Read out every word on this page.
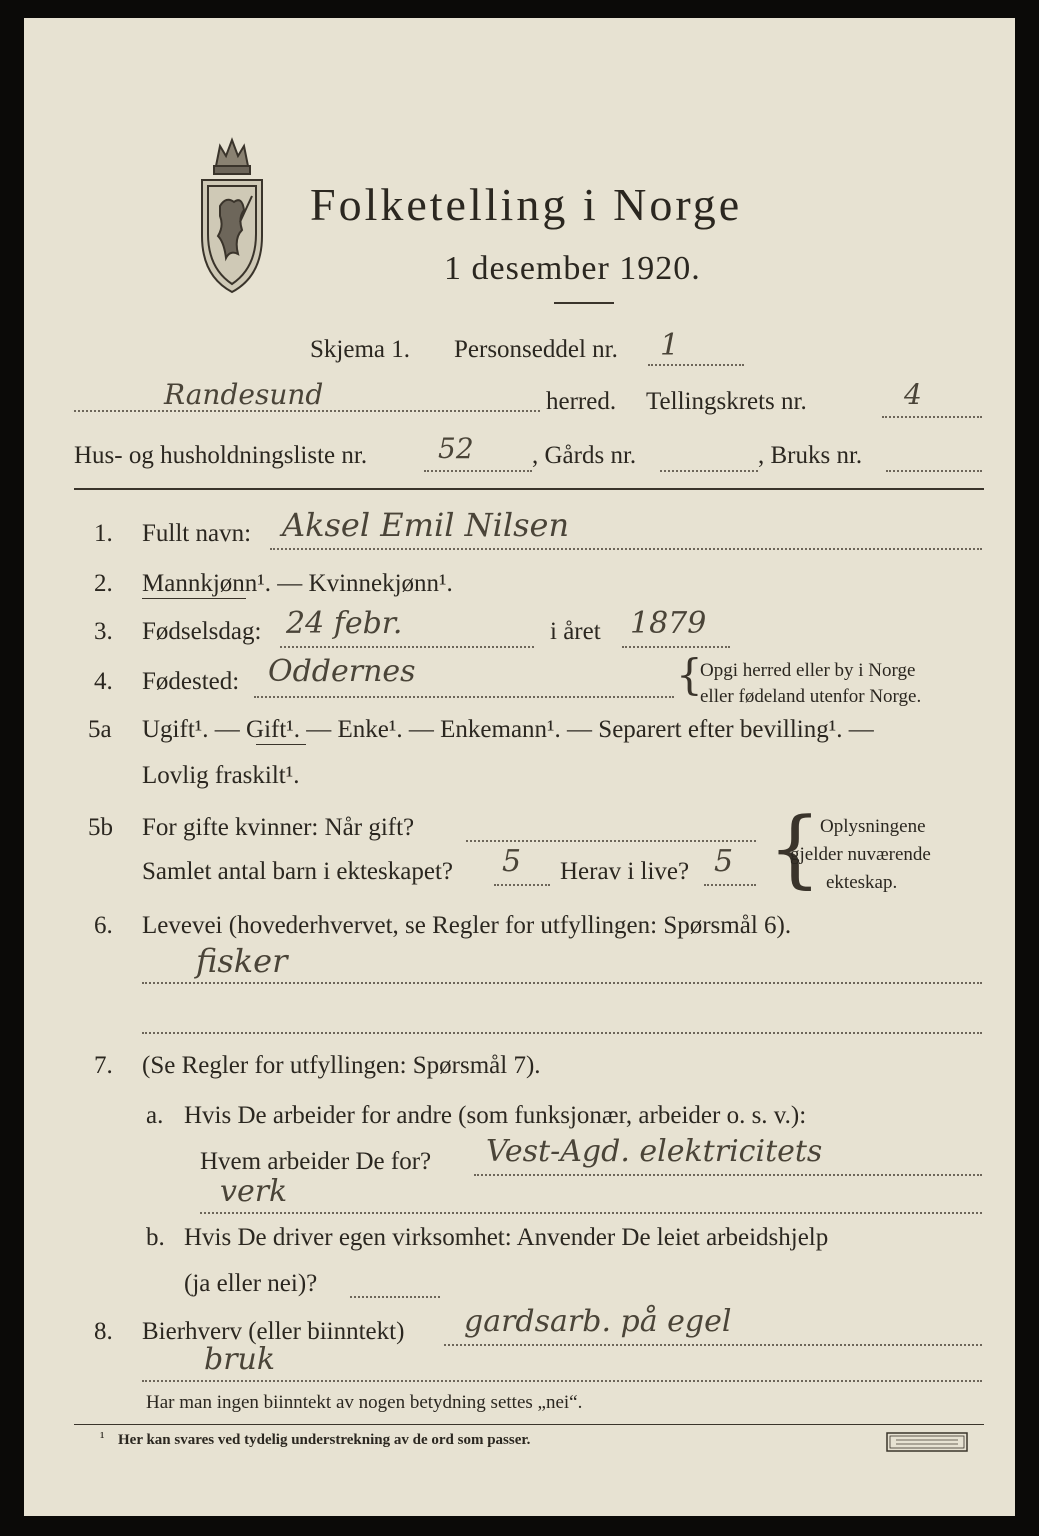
Folketelling i Norge
1 desember 1920.
Skjema 1. Personseddel nr. 1
Randesund	herred. Tellingskrets nr.	4
Hus- og husholdningsliste nr.	52 , Gårds nr.	, Bruks nr.
1. Fullt navn: Aksel Emil Nilsen
2. Mannkjønn¹. — Kvinnekjønn¹.
3. Fødselsdag: 24 febr.	i året 1879
4. Fødested: Oddernes	{
Opgi herred eller by i Norge
eller fødeland utenfor Norge.
5a Ugift¹. — Gift¹. — Enke¹. — Enkemann¹. — Separert efter bevilling¹. —
Lovlig fraskilt¹.
5b For gifte kvinner: Når gift?
Samlet antal barn i ekteskapet? 5 Herav i live? 5 {
Oplysningene
gjelder nuværende
ekteskap.
6. Levevei (hovederhvervet, se Regler for utfyllingen: Spørsmål 6).
fisker
7. (Se Regler for utfyllingen: Spørsmål 7).
a. Hvis De arbeider for andre (som funksjonær, arbeider o. s. v.):
Hvem arbeider De for? Vest-Agd. elektricitets
verk
b. Hvis De driver egen virksomhet: Anvender De leiet arbeidshjelp
(ja eller nei)?
8. Bierhverv (eller biinntekt) gardsarb. på egel
bruk
Har man ingen biinntekt av nogen betydning settes „nei“.
¹ Her kan svares ved tydelig understrekning av de ord som passer.
